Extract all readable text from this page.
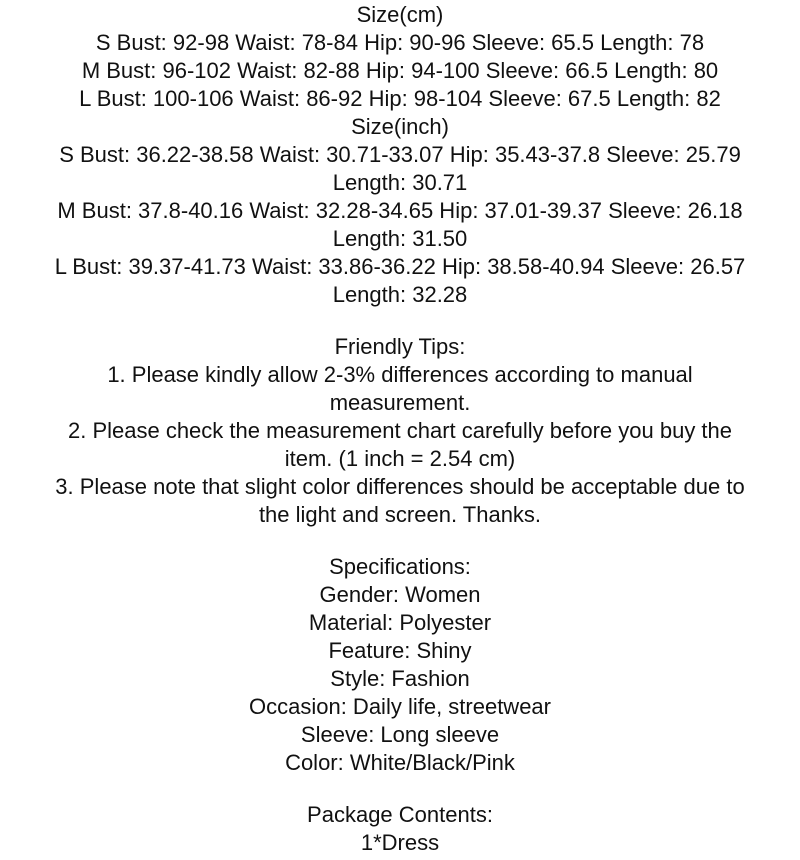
Size(cm)
S Bust: 92-98 Waist: 78-84 Hip: 90-96 Sleeve: 65.5 Length: 78
M Bust: 96-102 Waist: 82-88 Hip: 94-100 Sleeve: 66.5 Length: 80
L Bust: 100-106 Waist: 86-92 Hip: 98-104 Sleeve: 67.5 Length: 82
Size(inch)
S Bust: 36.22-38.58 Waist: 30.71-33.07 Hip: 35.43-37.8 Sleeve: 25.79
Length: 30.71
M Bust: 37.8-40.16 Waist: 32.28-34.65 Hip: 37.01-39.37 Sleeve: 26.18
Length: 31.50
L Bust: 39.37-41.73 Waist: 33.86-36.22 Hip: 38.58-40.94 Sleeve: 26.57
Length: 32.28
Friendly Tips:
1. Please kindly allow 2-3% differences according to manual
measurement.
2. Please check the measurement chart carefully before you buy the
item. (1 inch = 2.54 cm)
3. Please note that slight color differences should be acceptable due to
the light and screen. Thanks.
Specifications:
Gender: Women
Material: Polyester
Feature: Shiny
Style: Fashion
Occasion: Daily life, streetwear
Sleeve: Long sleeve
Color: White/Black/Pink
Package Contents:
1*Dress
